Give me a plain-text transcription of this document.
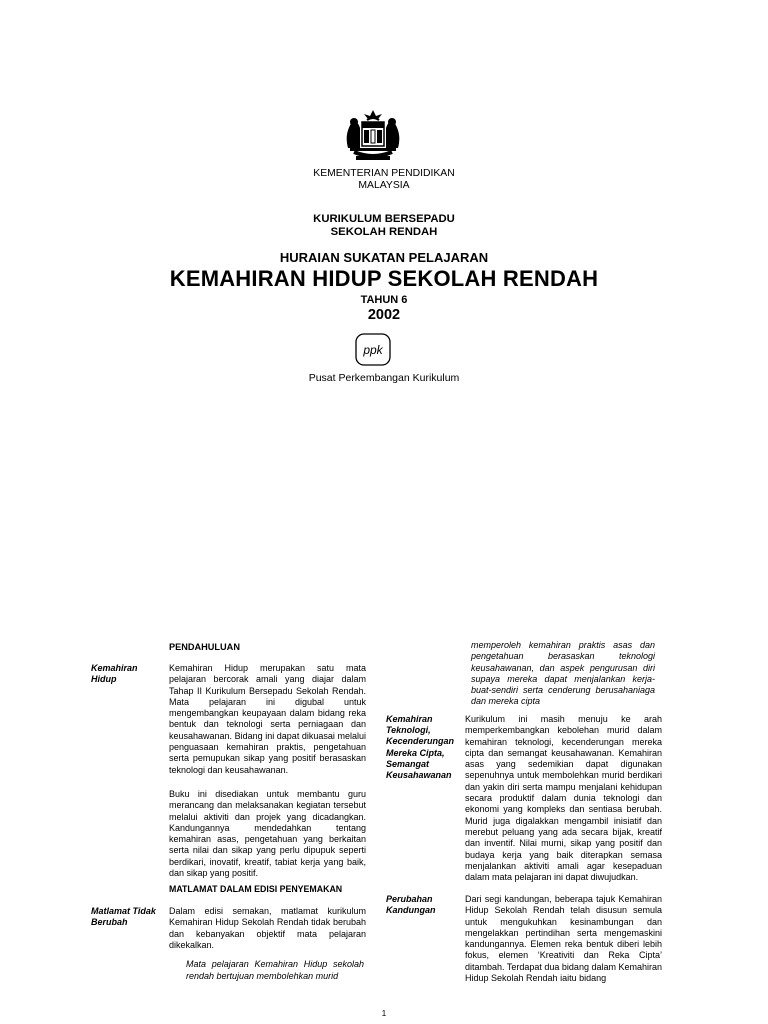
KEMENTERIAN PENDIDIKAN
MALAYSIA
KURIKULUM BERSEPADU
SEKOLAH RENDAH
HURAIAN SUKATAN PELAJARAN
KEMAHIRAN HIDUP SEKOLAH RENDAH
TAHUN 6
2002
ppk
Pusat Perkembangan Kurikulum
PENDAHULUAN
Kemahiran Hidup

Kemahiran Hidup merupakan satu mata pelajaran bercorak amali yang diajar dalam Tahap II Kurikulum Bersepadu Sekolah Rendah. Mata pelajaran ini digubal untuk mengembangkan keupayaan dalam bidang reka bentuk dan teknologi serta perniagaan dan keusahawanan. Bidang ini dapat dikuasai melalui penguasaan kemahiran praktis, pengetahuan serta pemupukan sikap yang positif berasaskan teknologi dan keusahawanan.

Buku ini disediakan untuk membantu guru merancang dan melaksanakan kegiatan tersebut melalui aktiviti dan projek yang dicadangkan. Kandungannya mendedahkan tentang kemahiran asas, pengetahuan yang berkaitan serta nilai dan sikap yang perlu dipupuk seperti berdikari, inovatif, kreatif, tabiat kerja yang baik, dan sikap yang positif.

MATLAMAT DALAM EDISI PENYEMAKAN
Matlamat Tidak Berubah

Dalam edisi semakan, matlamat kurikulum Kemahiran Hidup Sekolah Rendah tidak berubah dan kebanyakan objektif mata pelajaran dikekalkan.

Mata pelajaran Kemahiran Hidup sekolah rendah bertujuan membolehkan murid
memperoleh kemahiran praktis asas dan pengetahuan berasaskan teknologi keusahawanan, dan aspek pengurusan diri supaya mereka dapat menjalankan kerja-buat-sendiri serta cenderung berusahaniaga dan mereka cipta
Kemahiran Teknologi, Kecenderungan Mereka Cipta, Semangat Keusahawanan

Kurikulum ini masih menuju ke arah memperkembangkan kebolehan murid dalam kemahiran teknologi, kecenderungan mereka cipta dan semangat keusahawanan. Kemahiran asas yang sedemikian dapat digunakan sepenuhnya untuk membolehkan murid berdikari dan yakin diri serta mampu menjalani kehidupan secara produktif dalam dunia teknologi dan ekonomi yang kompleks dan sentiasa berubah. Murid juga digalakkan mengambil inisiatif dan merebut peluang yang ada secara bijak, kreatif dan inventif. Nilai murni, sikap yang positif dan budaya kerja yang baik diterapkan semasa menjalankan aktiviti amali agar kesepaduan dalam mata pelajaran ini dapat diwujudkan.

Perubahan Kandungan

Dari segi kandungan, beberapa tajuk Kemahiran Hidup Sekolah Rendah telah disusun semula untuk mengukuhkan kesinambungan dan mengelakkan pertindihan serta mengemaskini kandungannya. Elemen reka bentuk diberi lebih fokus, elemen ‘Kreativiti dan Reka Cipta’ ditambah. Terdapat dua bidang dalam Kemahiran Hidup Sekolah Rendah iaitu bidang

1
